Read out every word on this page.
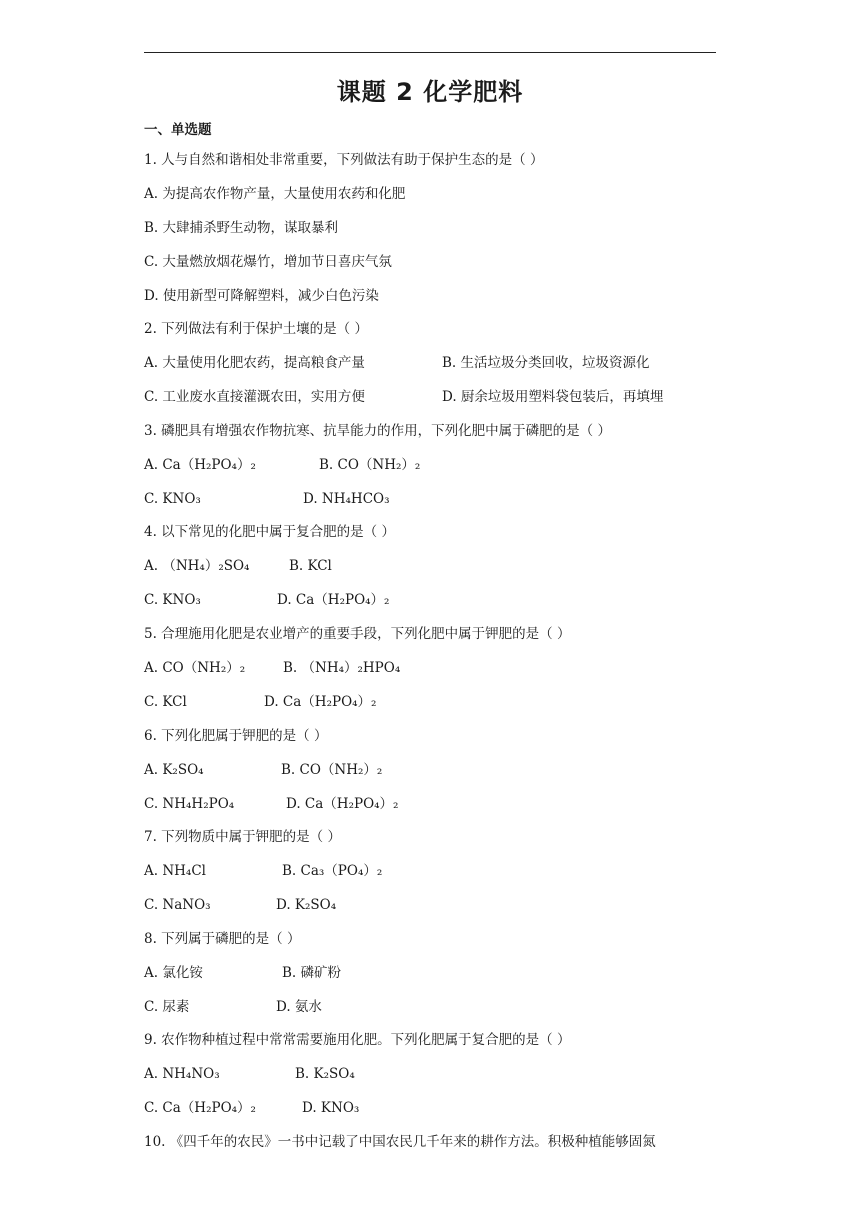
课题 2 化学肥料
一、单选题
1. 人与自然和谐相处非常重要，下列做法有助于保护生态的是（ ）
A. 为提高农作物产量，大量使用农药和化肥
B. 大肆捕杀野生动物，谋取暴利
C. 大量燃放烟花爆竹，增加节日喜庆气氛
D. 使用新型可降解塑料，减少白色污染
2. 下列做法有利于保护土壤的是（ ）
A. 大量使用化肥农药，提高粮食产量	B. 生活垃圾分类回收，垃圾资源化
C. 工业废水直接灌溉农田，实用方便	D. 厨余垃圾用塑料袋包装后，再填埋
3. 磷肥具有增强农作物抗寒、抗旱能力的作用，下列化肥中属于磷肥的是（ ）
A. Ca（H₂PO₄）₂	B. CO（NH₂）₂
C. KNO₃	D. NH₄HCO₃
4. 以下常见的化肥中属于复合肥的是（ ）
A. （NH₄）₂SO₄	B. KCl
C. KNO₃	D. Ca（H₂PO₄）₂
5. 合理施用化肥是农业增产的重要手段，下列化肥中属于钾肥的是（ ）
A. CO（NH₂）₂	B. （NH₄）₂HPO₄
C. KCl	D. Ca（H₂PO₄）₂
6. 下列化肥属于钾肥的是（ ）
A. K₂SO₄	B. CO（NH₂）₂
C. NH₄H₂PO₄	D. Ca（H₂PO₄）₂
7. 下列物质中属于钾肥的是（ ）
A. NH₄Cl	B. Ca₃（PO₄）₂
C. NaNO₃	D. K₂SO₄
8. 下列属于磷肥的是（ ）
A. 氯化铵	B. 磷矿粉
C. 尿素	D. 氨水
9. 农作物种植过程中常常需要施用化肥。下列化肥属于复合肥的是（ ）
A. NH₄NO₃	B. K₂SO₄
C. Ca（H₂PO₄）₂	D. KNO₃
10. 《四千年的农民》一书中记载了中国农民几千年来的耕作方法。积极种植能够固氮
